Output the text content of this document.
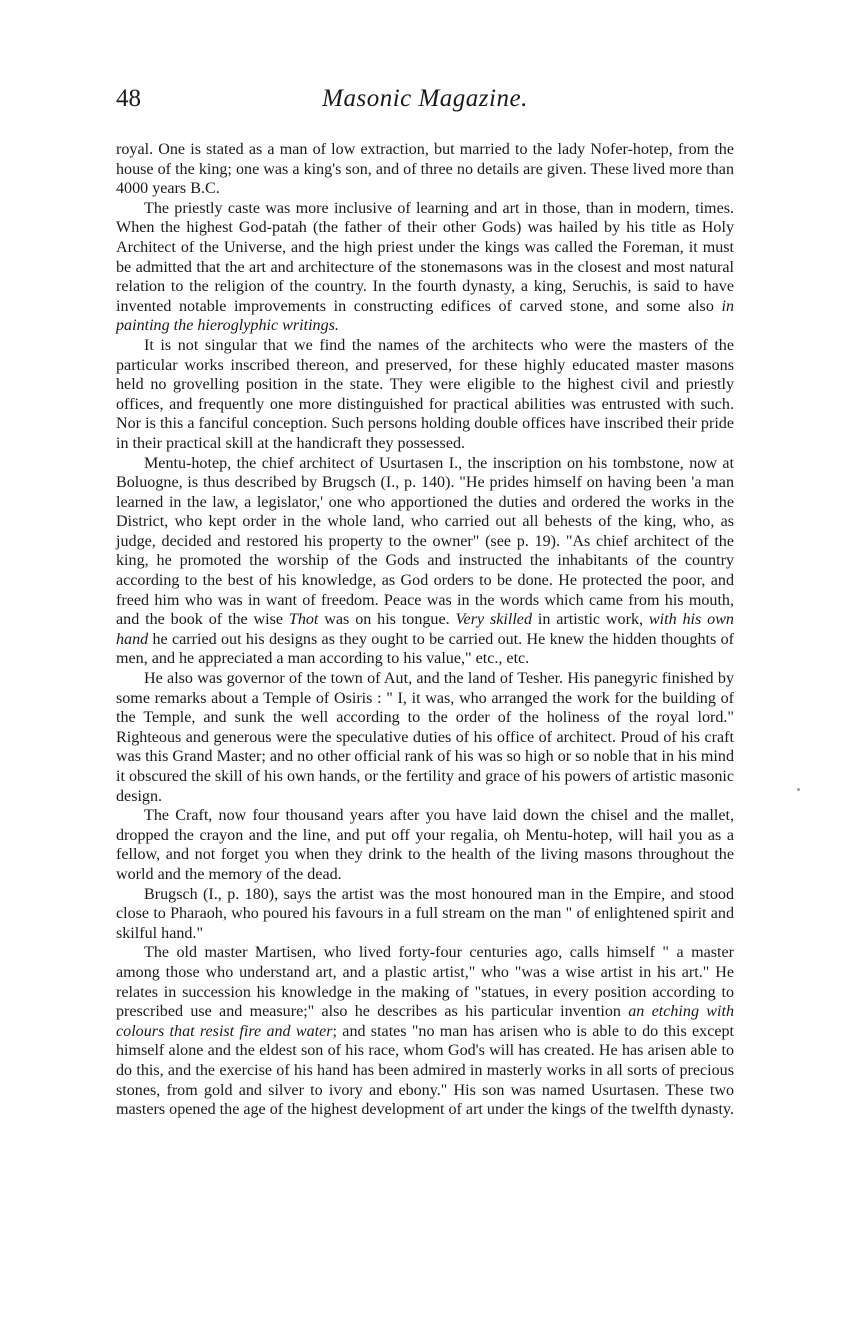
48	Masonic Magazine.

royal. One is stated as a man of low extraction, but married to the lady Nofer-hotep, from the house of the king; one was a king's son, and of three no details are given. These lived more than 4000 years B.C.

The priestly caste was more inclusive of learning and art in those, than in modern, times. When the highest God-patah (the father of their other Gods) was hailed by his title as Holy Architect of the Universe, and the high priest under the kings was called the Foreman, it must be admitted that the art and architecture of the stonemasons was in the closest and most natural relation to the religion of the country. In the fourth dynasty, a king, Seruchis, is said to have invented notable improvements in constructing edifices of carved stone, and some also in painting the hieroglyphic writings.

It is not singular that we find the names of the architects who were the masters of the particular works inscribed thereon, and preserved, for these highly educated master masons held no grovelling position in the state. They were eligible to the highest civil and priestly offices, and frequently one more distinguished for practical abilities was entrusted with such. Nor is this a fanciful conception. Such persons holding double offices have inscribed their pride in their practical skill at the handicraft they possessed.

Mentu-hotep, the chief architect of Usurtasen I., the inscription on his tombstone, now at Boluogne, is thus described by Brugsch (I., p. 140). "He prides himself on having been 'a man learned in the law, a legislator,' one who apportioned the duties and ordered the works in the District, who kept order in the whole land, who carried out all behests of the king, who, as judge, decided and restored his property to the owner" (see p. 19). "As chief architect of the king, he promoted the worship of the Gods and instructed the inhabitants of the country according to the best of his knowledge, as God orders to be done. He protected the poor, and freed him who was in want of freedom. Peace was in the words which came from his mouth, and the book of the wise Thot was on his tongue. Very skilled in artistic work, with his own hand he carried out his designs as they ought to be carried out. He knew the hidden thoughts of men, and he appreciated a man according to his value," etc., etc.

He also was governor of the town of Aut, and the land of Tesher. His panegyric finished by some remarks about a Temple of Osiris : " I, it was, who arranged the work for the building of the Temple, and sunk the well according to the order of the holiness of the royal lord." Righteous and generous were the speculative duties of his office of architect. Proud of his craft was this Grand Master; and no other official rank of his was so high or so noble that in his mind it obscured the skill of his own hands, or the fertility and grace of his powers of artistic masonic design.

The Craft, now four thousand years after you have laid down the chisel and the mallet, dropped the crayon and the line, and put off your regalia, oh Mentu-hotep, will hail you as a fellow, and not forget you when they drink to the health of the living masons throughout the world and the memory of the dead.

Brugsch (I., p. 180), says the artist was the most honoured man in the Empire, and stood close to Pharaoh, who poured his favours in a full stream on the man " of enlightened spirit and skilful hand."

The old master Martisen, who lived forty-four centuries ago, calls himself " a master among those who understand art, and a plastic artist," who "was a wise artist in his art." He relates in succession his knowledge in the making of "statues, in every position according to prescribed use and measure;" also he describes as his particular invention an etching with colours that resist fire and water; and states "no man has arisen who is able to do this except himself alone and the eldest son of his race, whom God's will has created. He has arisen able to do this, and the exercise of his hand has been admired in masterly works in all sorts of precious stones, from gold and silver to ivory and ebony." His son was named Usurtasen. These two masters opened the age of the highest development of art under the kings of the twelfth dynasty.
